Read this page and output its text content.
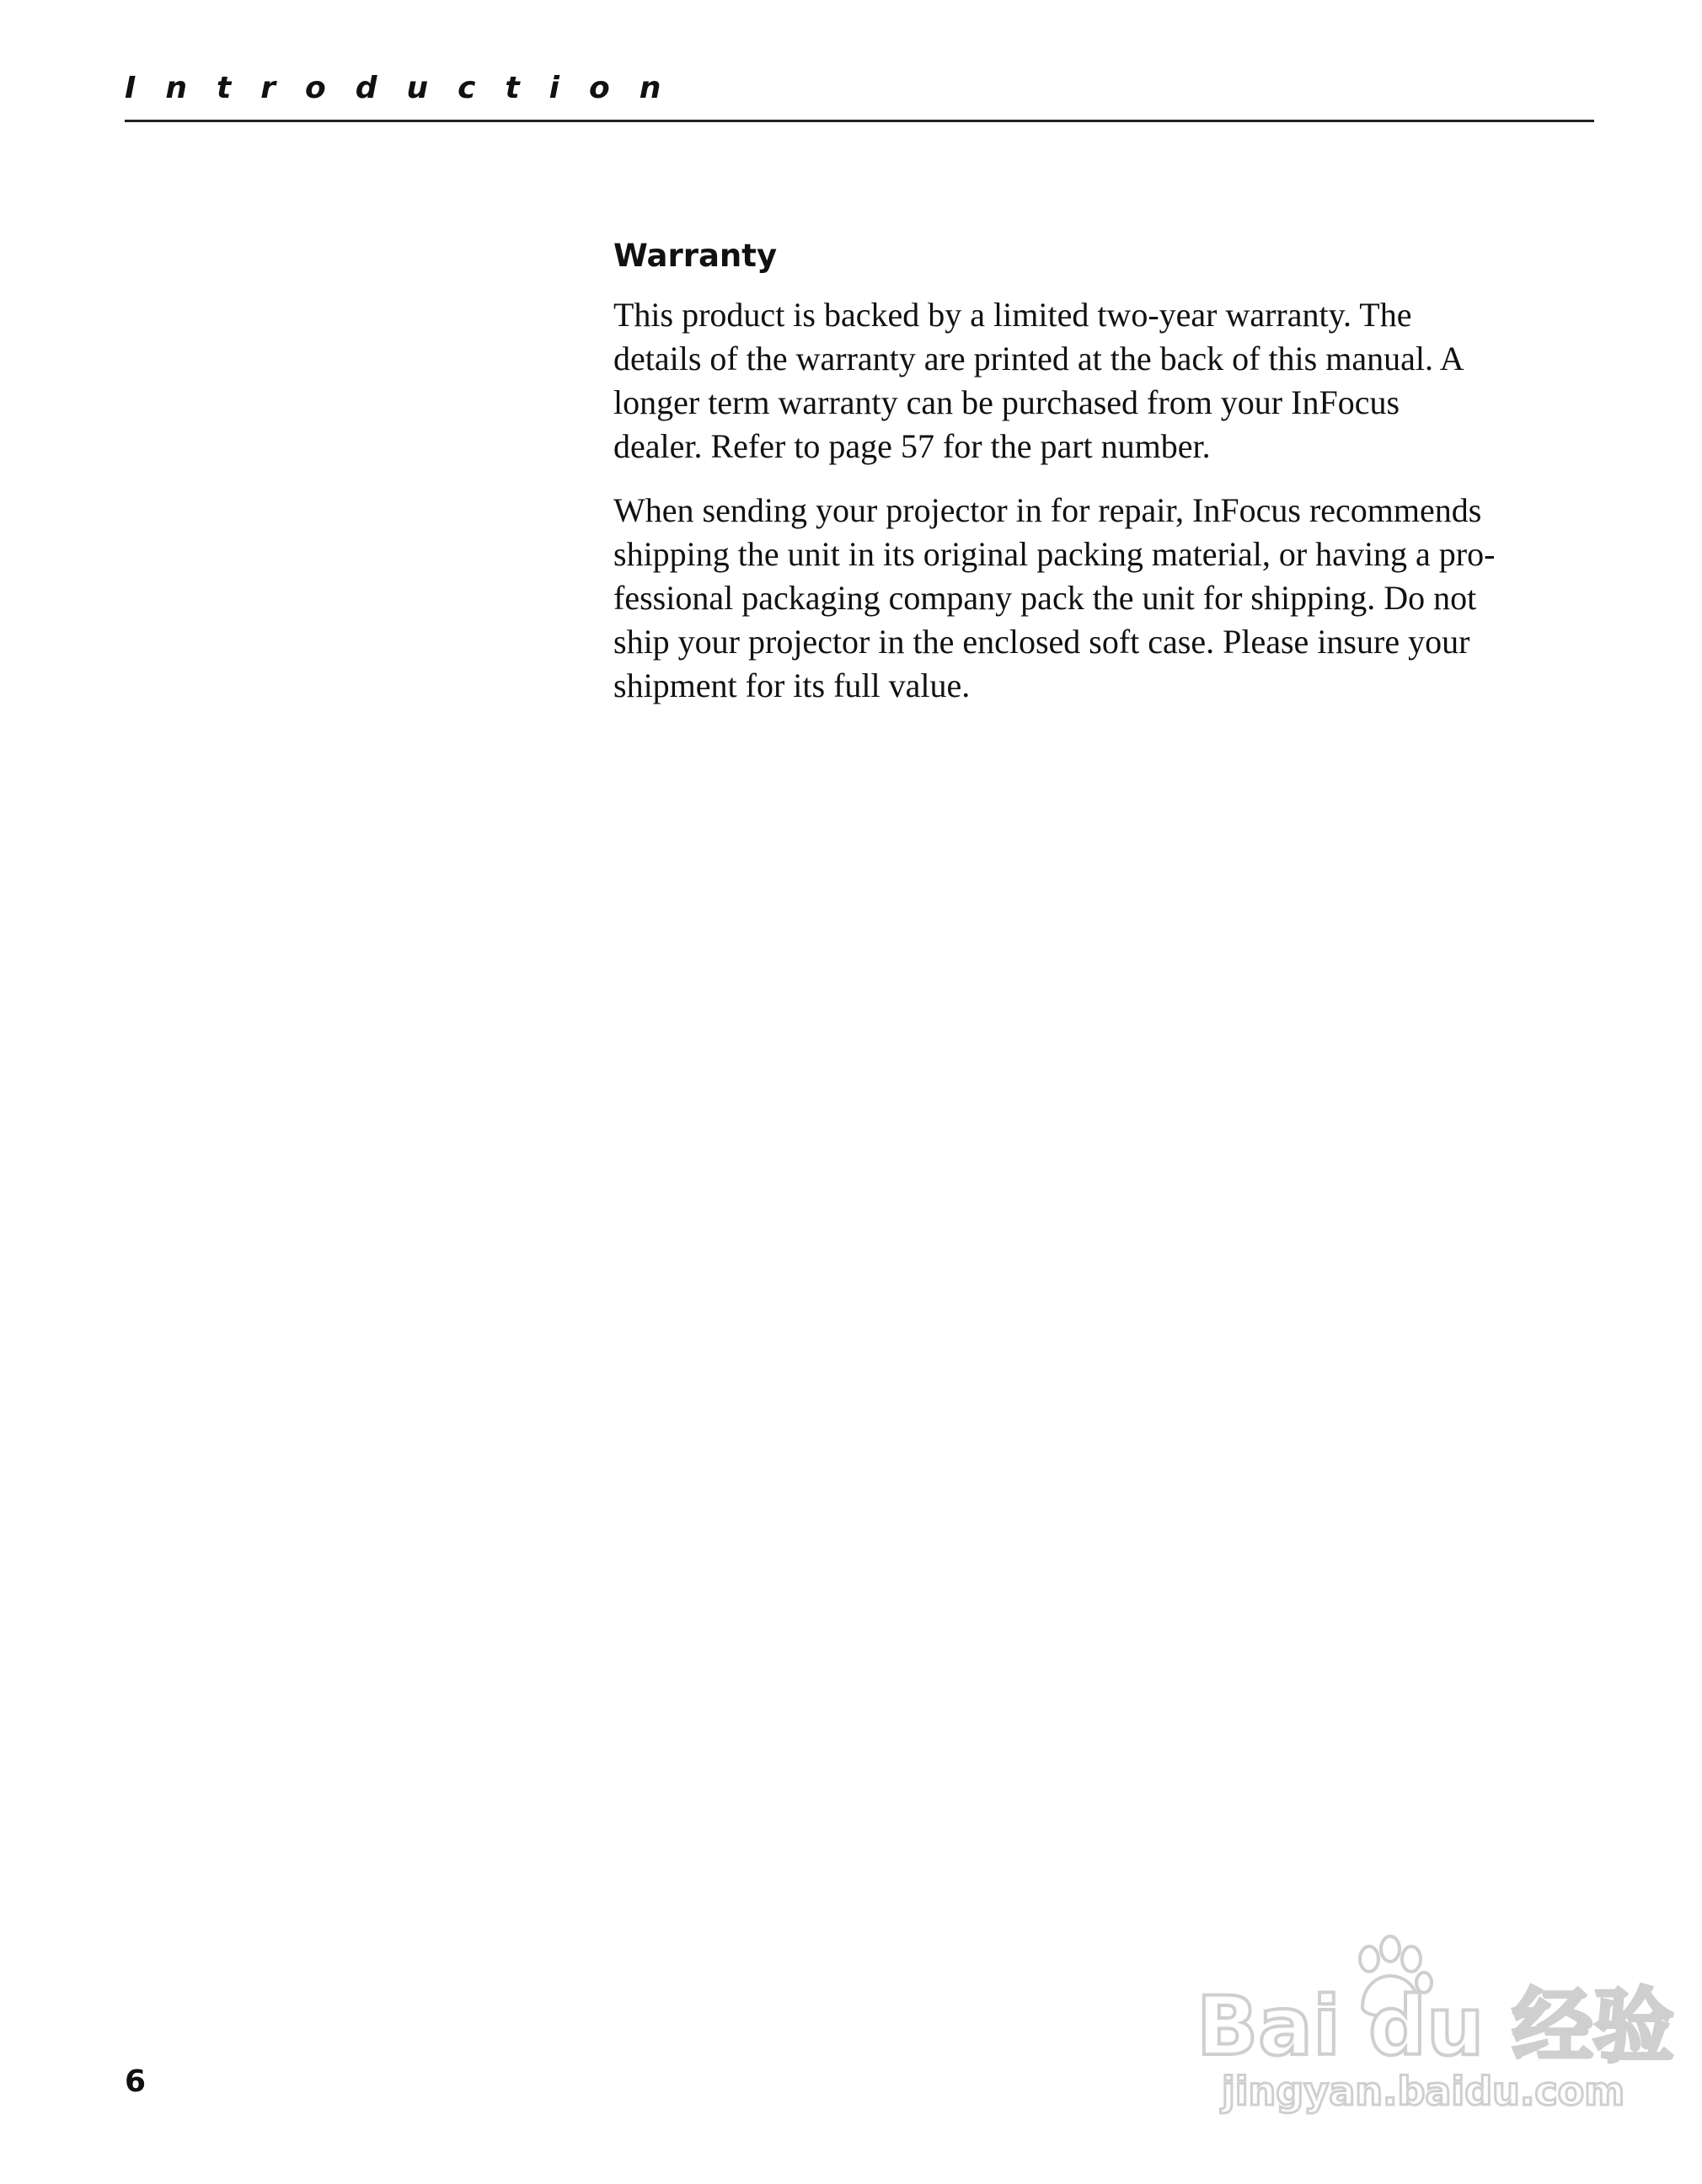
Introduction
Warranty

This product is backed by a limited two-year warranty. The
details of the warranty are printed at the back of this manual. A
longer term warranty can be purchased from your InFocus
dealer. Refer to page 57 for the part number.

When sending your projector in for repair, InFocus recommends
shipping the unit in its original packing material, or having a pro-
fessional packaging company pack the unit for shipping. Do not
ship your projector in the enclosed soft case. Please insure your
shipment for its full value.

6
Bai du 经验
jingyan.baidu.com
